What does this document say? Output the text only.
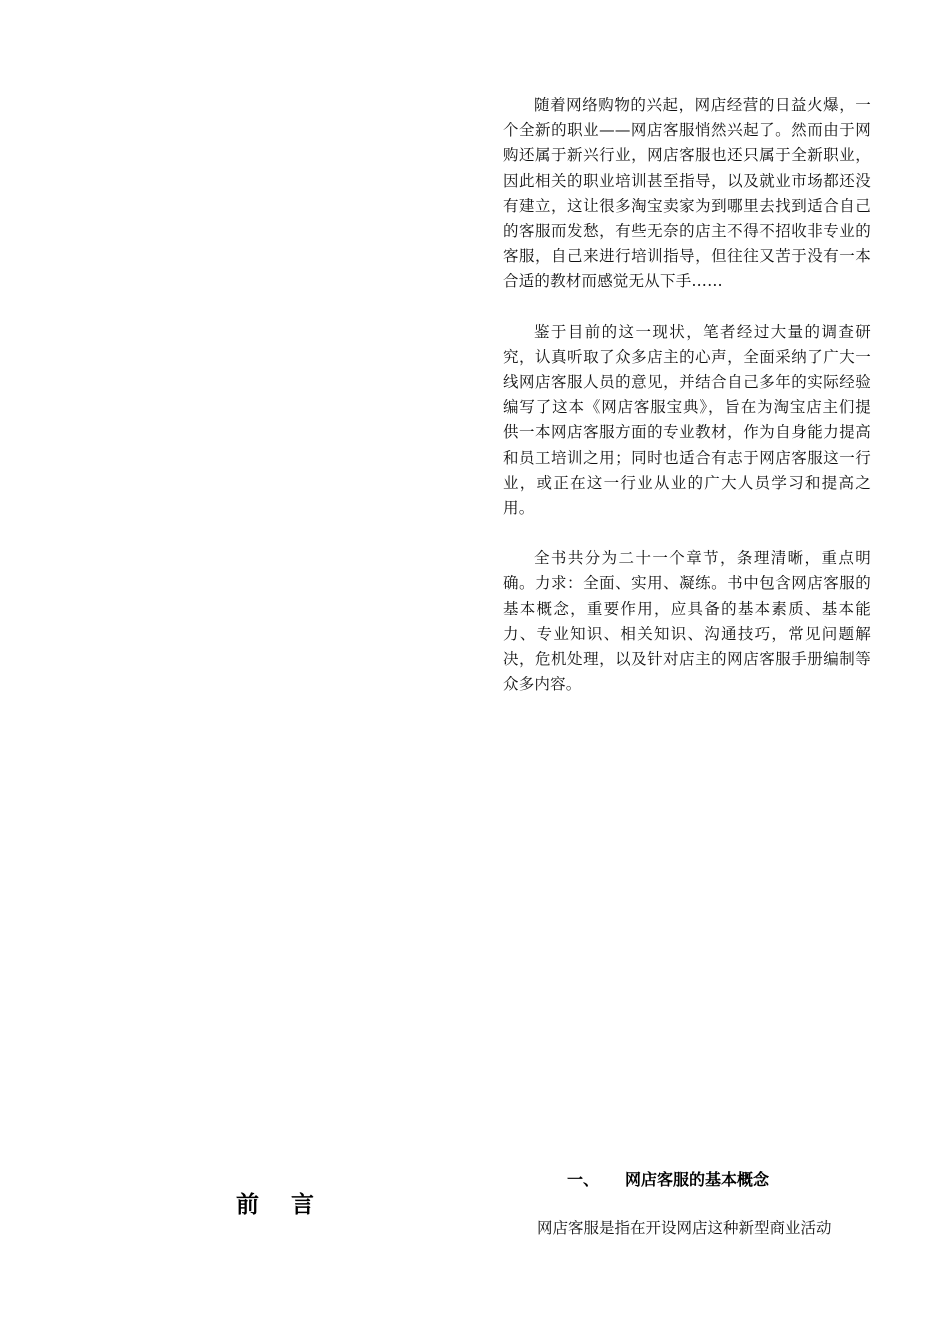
随着网络购物的兴起，网店经营的日益火爆，一个全新的职业——网店客服悄然兴起了。然而由于网购还属于新兴行业，网店客服也还只属于全新职业，因此相关的职业培训甚至指导，以及就业市场都还没有建立，这让很多淘宝卖家为到哪里去找到适合自己的客服而发愁，有些无奈的店主不得不招收非专业的客服，自己来进行培训指导，但往往又苦于没有一本合适的教材而感觉无从下手……

鉴于目前的这一现状，笔者经过大量的调查研究，认真听取了众多店主的心声，全面采纳了广大一线网店客服人员的意见，并结合自己多年的实际经验编写了这本《网店客服宝典》，旨在为淘宝店主们提供一本网店客服方面的专业教材，作为自身能力提高和员工培训之用；同时也适合有志于网店客服这一行业，或正在这一行业从业的广大人员学习和提高之用。

全书共分为二十一个章节，条理清晰，重点明确。力求：全面、实用、凝练。书中包含网店客服的基本概念，重要作用，应具备的基本素质、基本能力、专业知识、相关知识、沟通技巧，常见问题解决，危机处理，以及针对店主的网店客服手册编制等众多内容。

一、 网店客服的基本概念
前 言
网店客服是指在开设网店这种新型商业活动
